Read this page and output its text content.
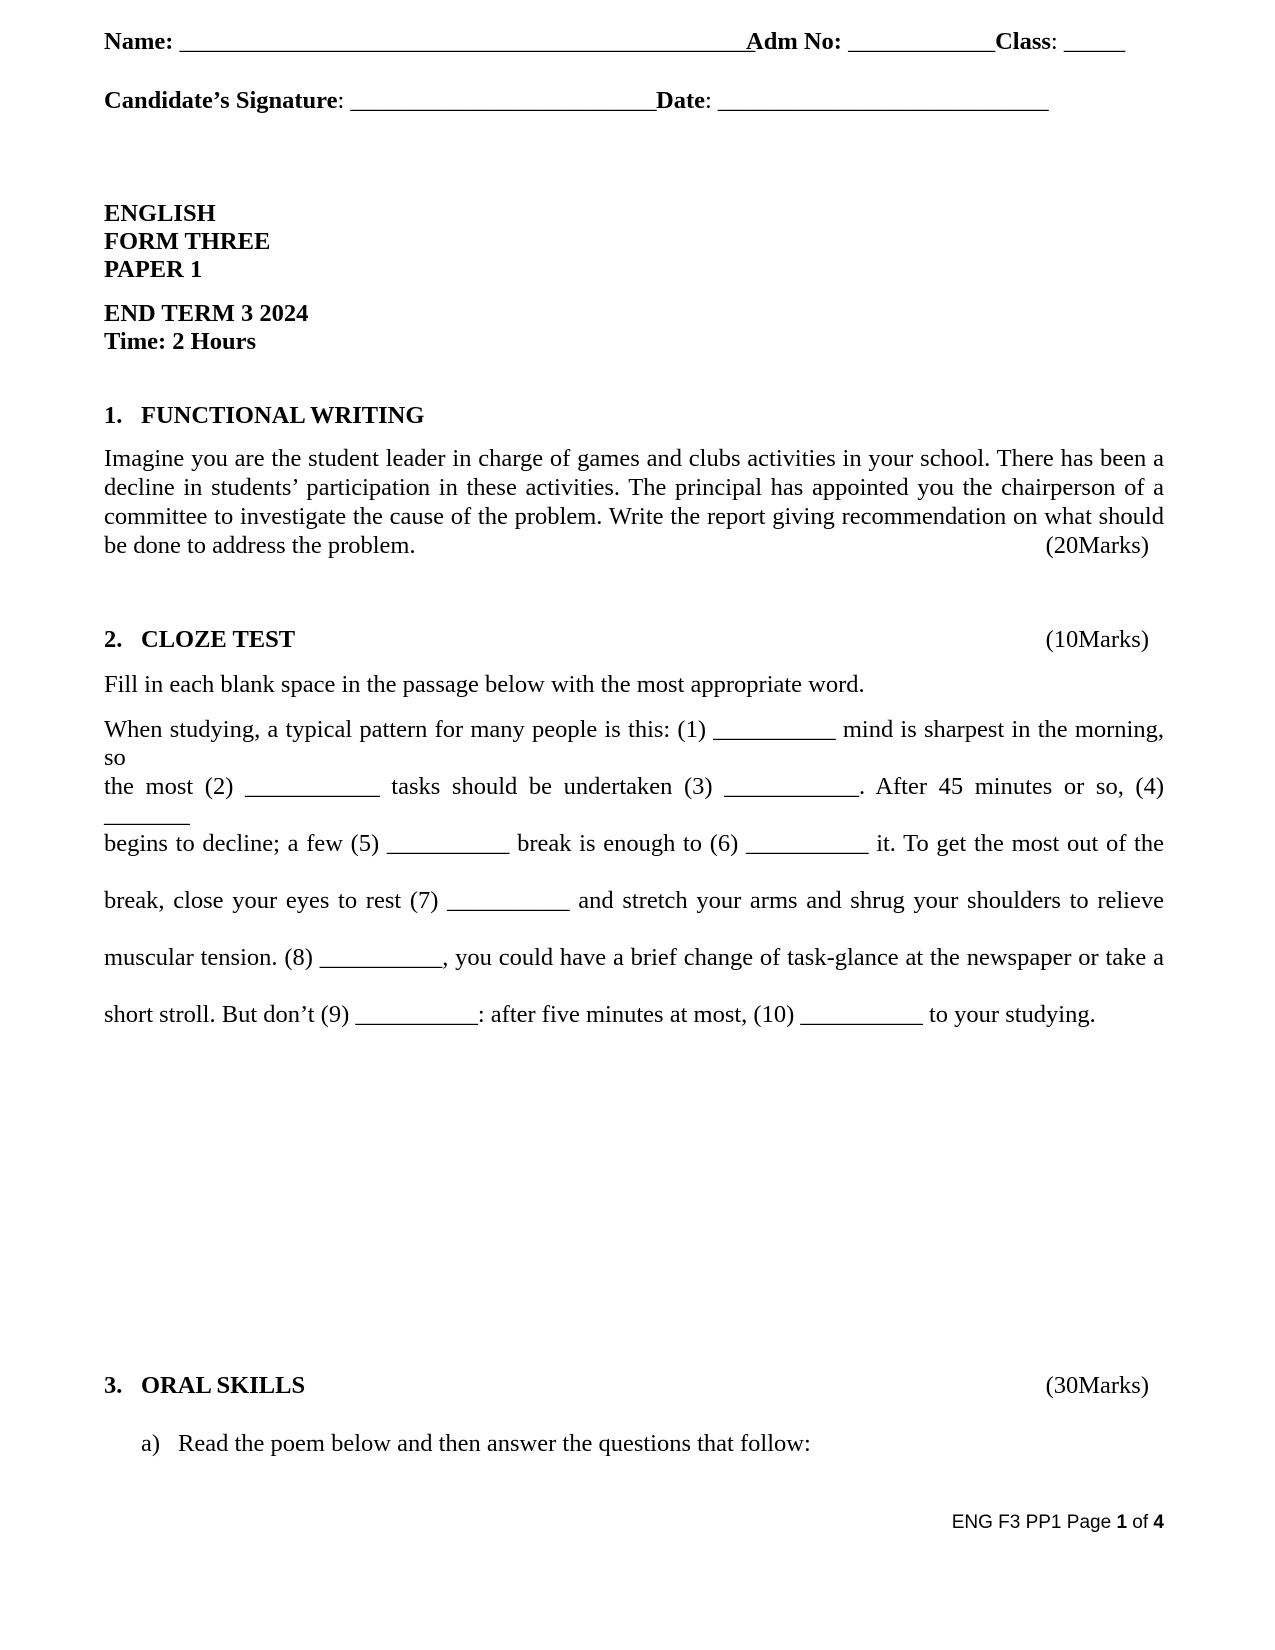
Name: _______________________________________________
Adm No: ____________Class: _____
Candidate’s Signature: _________________________ Date: ___________________________
ENGLISH
FORM THREE
PAPER 1
END TERM 3 2024
Time: 2 Hours
1. FUNCTIONAL WRITING
Imagine you are the student leader in charge of games and clubs activities in your school. There has been a
decline in students’ participation in these activities. The principal has appointed you the chairperson of a
committee to investigate the cause of the problem. Write the report giving recommendation on what should
be done to address the problem.	(20Marks)
2. CLOZE TEST	(10Marks)
Fill in each blank space in the passage below with the most appropriate word.
When studying, a typical pattern for many people is this: (1) __________ mind is sharpest in the morning, so
the most (2) ___________ tasks should be undertaken (3) ___________. After 45 minutes or so, (4) _______
begins to decline; a few (5) __________ break is enough to (6) __________ it. To get the most out of the
break, close your eyes to rest (7) __________ and stretch your arms and shrug your shoulders to relieve
muscular tension. (8) __________, you could have a brief change of task-glance at the newspaper or take a
short stroll. But don’t (9) __________: after five minutes at most, (10) __________ to your studying.
3. ORAL SKILLS	(30Marks)
a) Read the poem below and then answer the questions that follow:
ENG F3 PP1 Page 1 of 4
